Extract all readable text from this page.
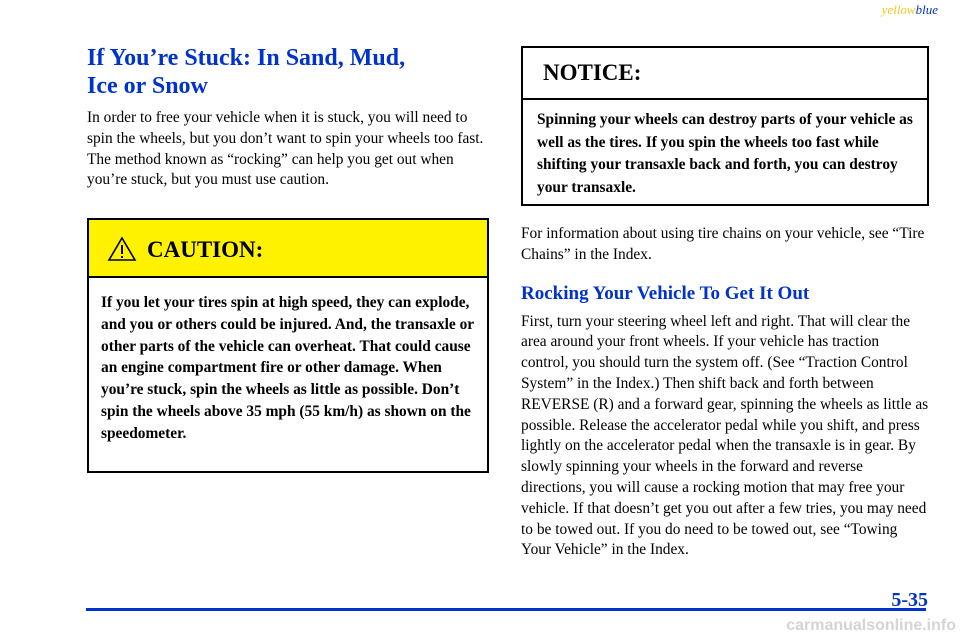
yellowblue
If You’re Stuck: In Sand, Mud,
Ice or Snow

In order to free your vehicle when it is stuck, you will need to spin the wheels, but you don’t want to spin your wheels too fast. The method known as “rocking” can help you get out when you’re stuck, but you must use caution.

CAUTION:
If you let your tires spin at high speed, they can explode, and you or others could be injured. And, the transaxle or other parts of the vehicle can overheat. That could cause an engine compartment fire or other damage. When you’re stuck, spin the wheels as little as possible. Don’t spin the wheels above 35 mph (55 km/h) as shown on the speedometer.
NOTICE:
Spinning your wheels can destroy parts of your vehicle as well as the tires. If you spin the wheels too fast while shifting your transaxle back and forth, you can destroy your transaxle.

For information about using tire chains on your vehicle, see “Tire Chains” in the Index.

Rocking Your Vehicle To Get It Out

First, turn your steering wheel left and right. That will clear the area around your front wheels. If your vehicle has traction control, you should turn the system off. (See “Traction Control System” in the Index.) Then shift back and forth between REVERSE (R) and a forward gear, spinning the wheels as little as possible. Release the accelerator pedal while you shift, and press lightly on the accelerator pedal when the transaxle is in gear. By slowly spinning your wheels in the forward and reverse directions, you will cause a rocking motion that may free your vehicle. If that doesn’t get you out after a few tries, you may need to be towed out. If you do need to be towed out, see “Towing Your Vehicle” in the Index.

5-35
carmanualsonline.info
